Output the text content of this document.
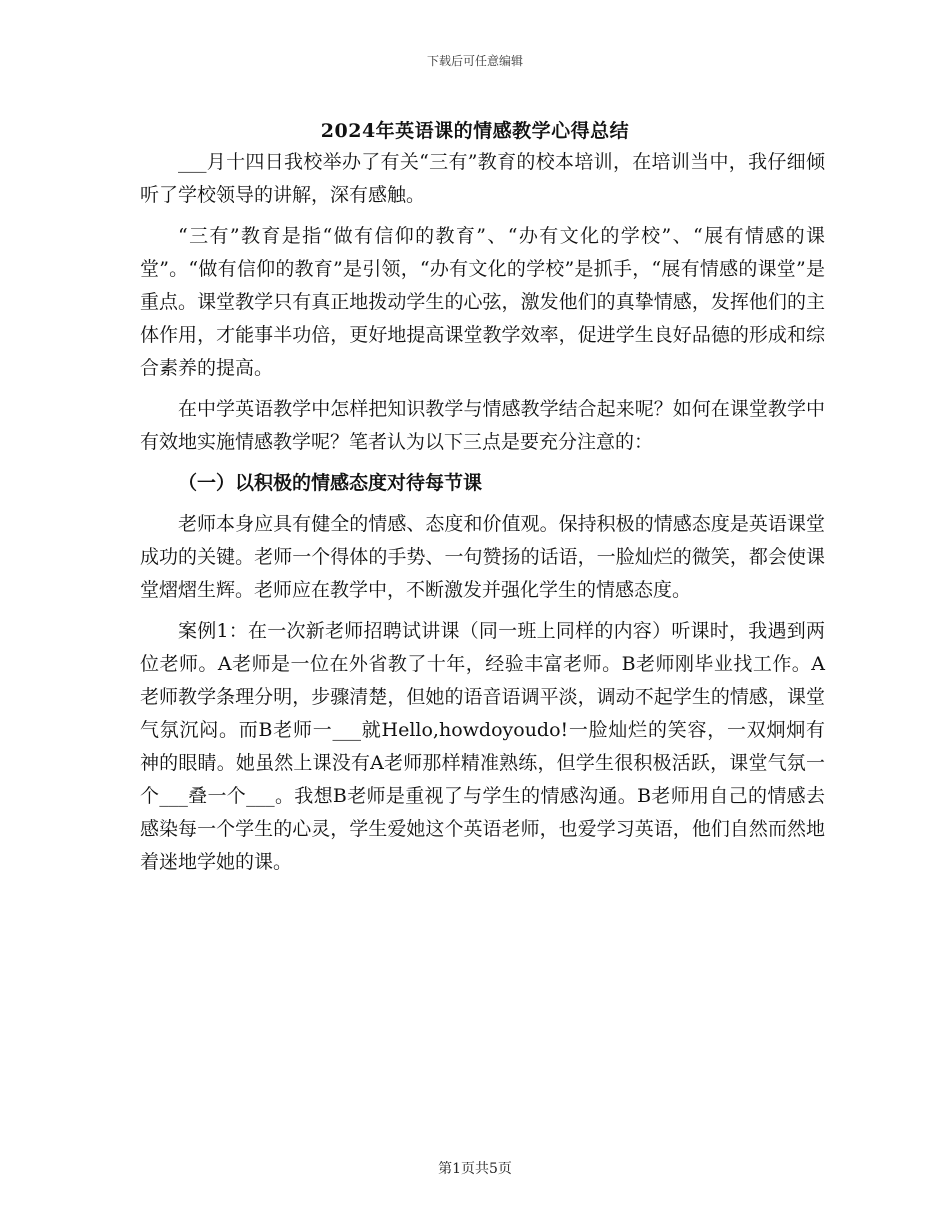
下载后可任意编辑
2024年英语课的情感教学心得总结

___月十四日我校举办了有关“三有”教育的校本培训，在培训当中，我仔细倾听了学校领导的讲解，深有感触。

“三有”教育是指“做有信仰的教育”、“办有文化的学校”、“展有情感的课堂”。“做有信仰的教育”是引领，“办有文化的学校”是抓手，“展有情感的课堂”是重点。课堂教学只有真正地拨动学生的心弦，激发他们的真挚情感，发挥他们的主体作用，才能事半功倍，更好地提高课堂教学效率，促进学生良好品德的形成和综合素养的提高。

在中学英语教学中怎样把知识教学与情感教学结合起来呢？如何在课堂教学中有效地实施情感教学呢？笔者认为以下三点是要充分注意的：

（一）以积极的情感态度对待每节课

老师本身应具有健全的情感、态度和价值观。保持积极的情感态度是英语课堂成功的关键。老师一个得体的手势、一句赞扬的话语，一脸灿烂的微笑，都会使课堂熠熠生辉。老师应在教学中，不断激发并强化学生的情感态度。

案例1：在一次新老师招聘试讲课（同一班上同样的内容）听课时，我遇到两位老师。A老师是一位在外省教了十年，经验丰富老师。B老师刚毕业找工作。A老师教学条理分明，步骤清楚，但她的语音语调平淡，调动不起学生的情感，课堂气氛沉闷。而B老师一___就Hello,howdoyoudo!一脸灿烂的笑容，一双炯炯有神的眼睛。她虽然上课没有A老师那样精准熟练，但学生很积极活跃，课堂气氛一个___叠一个___。我想B老师是重视了与学生的情感沟通。B老师用自己的情感去感染每一个学生的心灵，学生爱她这个英语老师，也爱学习英语，他们自然而然地着迷地学她的课。

第1页共5页
